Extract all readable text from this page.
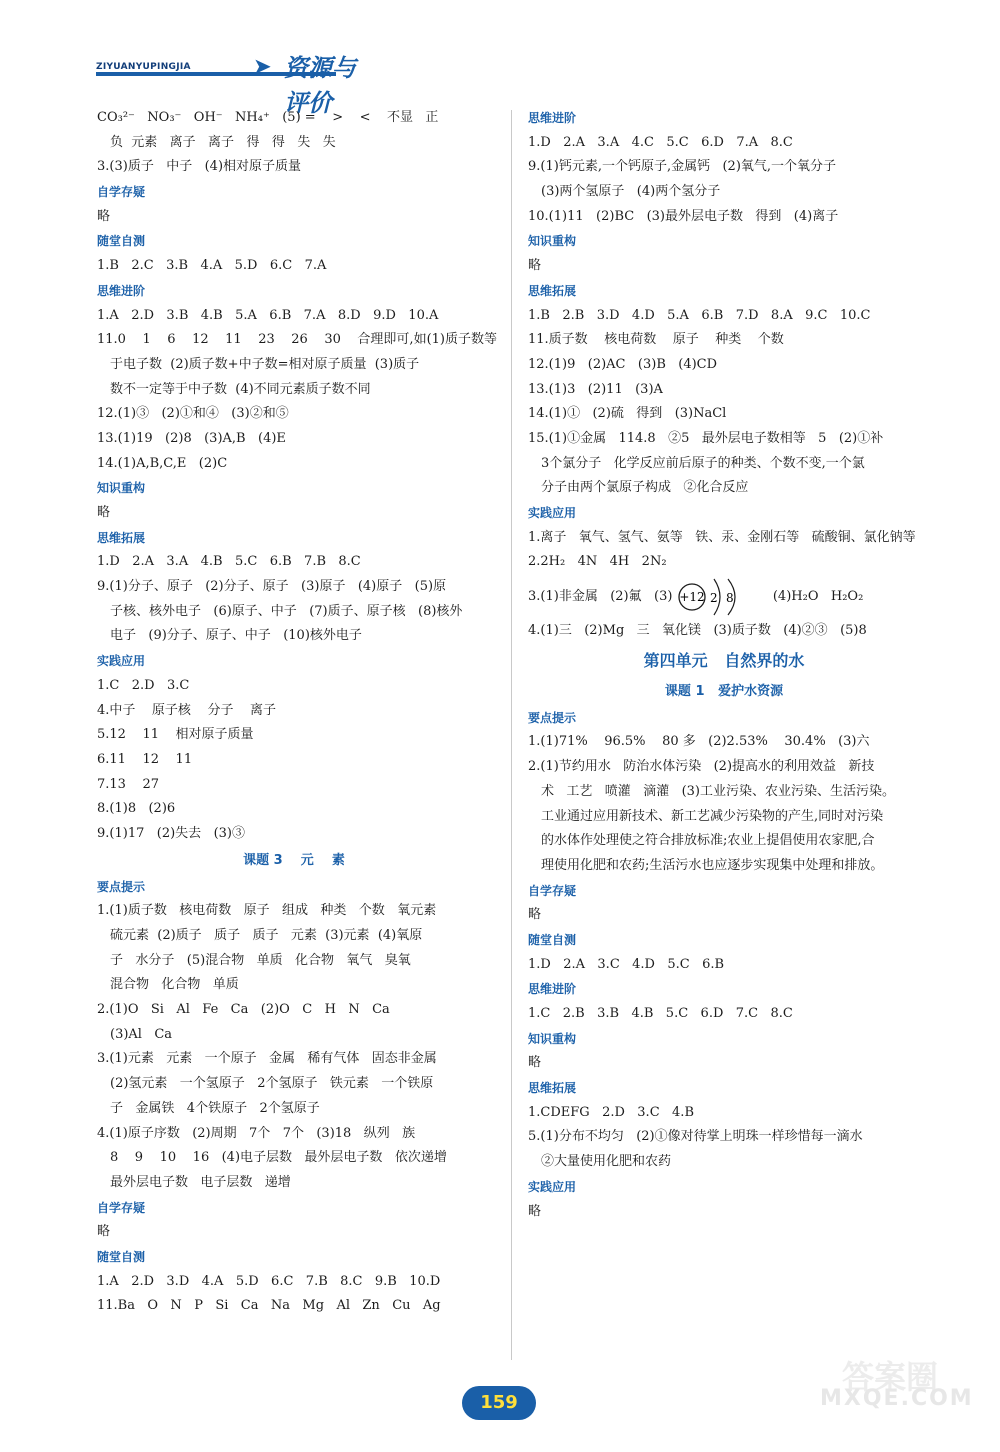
ZIYUANYUPINGJIA	➤ 资源与评价
CO₃²⁻   NO₃⁻   OH⁻   NH₄⁺   (5) =    >    <    不显   正
负  元素   离子   离子   得   得   失   失
3.(3)质子   中子   (4)相对原子质量
自学存疑
略
随堂自测
1.B   2.C   3.B   4.A   5.D   6.C   7.A
思维进阶
1.A   2.D   3.B   4.B   5.A   6.B   7.A   8.D   9.D   10.A
11.0    1    6    12    11    23    26    30    合理即可,如(1)质子数等
于电子数  (2)质子数+中子数=相对原子质量  (3)质子
数不一定等于中子数  (4)不同元素质子数不同
12.(1)③   (2)①和④   (3)②和⑤
13.(1)19   (2)8   (3)A,B   (4)E
14.(1)A,B,C,E   (2)C
知识重构
略
思维拓展
1.D   2.A   3.A   4.B   5.C   6.B   7.B   8.C
9.(1)分子、原子   (2)分子、原子   (3)原子   (4)原子   (5)原
子核、核外电子   (6)原子、中子   (7)质子、原子核   (8)核外
电子   (9)分子、原子、中子   (10)核外电子
实践应用
1.C   2.D   3.C
4.中子    原子核    分子    离子
5.12    11    相对原子质量
6.11    12    11
7.13    27
8.(1)8   (2)6
9.(1)17   (2)失去   (3)③
课题 3    元    素
要点提示
1.(1)质子数   核电荷数   原子   组成   种类   个数   氧元素
硫元素  (2)质子   质子   质子   元素  (3)元素  (4)氧原
子   水分子   (5)混合物   单质   化合物   氧气   臭氧
混合物   化合物   单质
2.(1)O   Si   Al   Fe   Ca   (2)O   C   H   N   Ca
(3)Al   Ca
3.(1)元素   元素   一个原子   金属   稀有气体   固态非金属
(2)氢元素   一个氢原子   2个氢原子   铁元素   一个铁原
子   金属铁   4个铁原子   2个氢原子
4.(1)原子序数   (2)周期   7个   7个   (3)18   纵列   族
8    9    10    16   (4)电子层数   最外层电子数   依次递增
最外层电子数   电子层数   递增
自学存疑
略
随堂自测
1.A   2.D   3.D   4.A   5.D   6.C   7.B   8.C   9.B   10.D
11.Ba   O   N   P   Si   Ca   Na   Mg   Al   Zn   Cu   Ag
思维进阶
1.D   2.A   3.A   4.C   5.C   6.D   7.A   8.C
9.(1)钙元素,一个钙原子,金属钙   (2)氧气,一个氧分子
(3)两个氢原子   (4)两个氢分子
10.(1)11   (2)BC   (3)最外层电子数   得到   (4)离子
知识重构
略
思维拓展
1.B   2.B   3.D   4.D   5.A   6.B   7.D   8.A   9.C   10.C
11.质子数    核电荷数    原子    种类    个数
12.(1)9   (2)AC   (3)B   (4)CD
13.(1)3   (2)11   (3)A
14.(1)①   (2)硫   得到   (3)NaCl
15.(1)①金属   114.8   ②5   最外层电子数相等   5   (2)①补
3个氯分子   化学反应前后原子的种类、个数不变,一个氯
分子由两个氯原子构成   ②化合反应
实践应用
1.离子   氧气、氢气、氨等   铁、汞、金刚石等   硫酸铜、氯化钠等
2.2H₂   4N   4H   2N₂
3.(1)非金属   (2)氟   (3) +12 2 8 (4)H₂O   H₂O₂
4.(1)三   (2)Mg   三   氧化镁   (3)质子数   (4)②③   (5)8
第四单元   自然界的水
课题 1   爱护水资源
要点提示
1.(1)71%    96.5%    80 多   (2)2.53%    30.4%   (3)六
2.(1)节约用水   防治水体污染   (2)提高水的利用效益   新技
术   工艺   喷灌   滴灌   (3)工业污染、农业污染、生活污染。
工业通过应用新技术、新工艺减少污染物的产生,同时对污染
的水体作处理使之符合排放标准;农业上提倡使用农家肥,合
理使用化肥和农药;生活污水也应逐步实现集中处理和排放。
自学存疑
略
随堂自测
1.D   2.A   3.C   4.D   5.C   6.B
思维进阶
1.C   2.B   3.B   4.B   5.C   6.D   7.C   8.C
知识重构
略
思维拓展
1.CDEFG   2.D   3.C   4.B
5.(1)分布不均匀   (2)①像对待掌上明珠一样珍惜每一滴水
②大量使用化肥和农药
实践应用
略
答案圈
MXQE.COM
159
